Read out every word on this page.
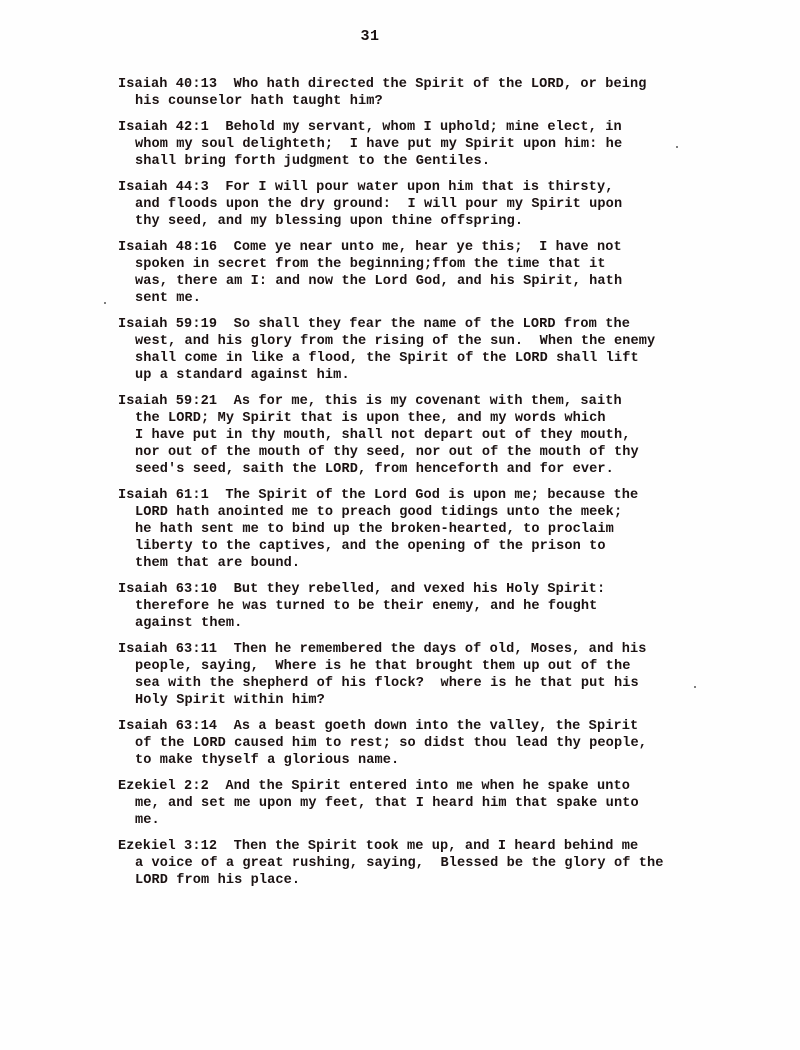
31
Isaiah 40:13  Who hath directed the Spirit of the LORD, or being
his counselor hath taught him?
Isaiah 42:1  Behold my servant, whom I uphold; mine elect, in
whom my soul delighteth;  I have put my Spirit upon him: he
shall bring forth judgment to the Gentiles.
Isaiah 44:3  For I will pour water upon him that is thirsty,
and floods upon the dry ground:  I will pour my Spirit upon
thy seed, and my blessing upon thine offspring.
Isaiah 48:16  Come ye near unto me, hear ye this;  I have not
spoken in secret from the beginning;ffom the time that it
was, there am I: and now the Lord God, and his Spirit, hath
sent me.
Isaiah 59:19  So shall they fear the name of the LORD from the
west, and his glory from the rising of the sun.  When the enemy
shall come in like a flood, the Spirit of the LORD shall lift
up a standard against him.
Isaiah 59:21  As for me, this is my covenant with them, saith
the LORD; My Spirit that is upon thee, and my words which
I have put in thy mouth, shall not depart out of they mouth,
nor out of the mouth of thy seed, nor out of the mouth of thy
seed's seed, saith the LORD, from henceforth and for ever.
Isaiah 61:1  The Spirit of the Lord God is upon me; because the
LORD hath anointed me to preach good tidings unto the meek;
he hath sent me to bind up the broken-hearted, to proclaim
liberty to the captives, and the opening of the prison to
them that are bound.
Isaiah 63:10  But they rebelled, and vexed his Holy Spirit:
therefore he was turned to be their enemy, and he fought
against them.
Isaiah 63:11  Then he remembered the days of old, Moses, and his
people, saying,  Where is he that brought them up out of the
sea with the shepherd of his flock?  where is he that put his
Holy Spirit within him?
Isaiah 63:14  As a beast goeth down into the valley, the Spirit
of the LORD caused him to rest; so didst thou lead thy people,
to make thyself a glorious name.
Ezekiel 2:2  And the Spirit entered into me when he spake unto
me, and set me upon my feet, that I heard him that spake unto
me.
Ezekiel 3:12  Then the Spirit took me up, and I heard behind me
a voice of a great rushing, saying,  Blessed be the glory of the
LORD from his place.
